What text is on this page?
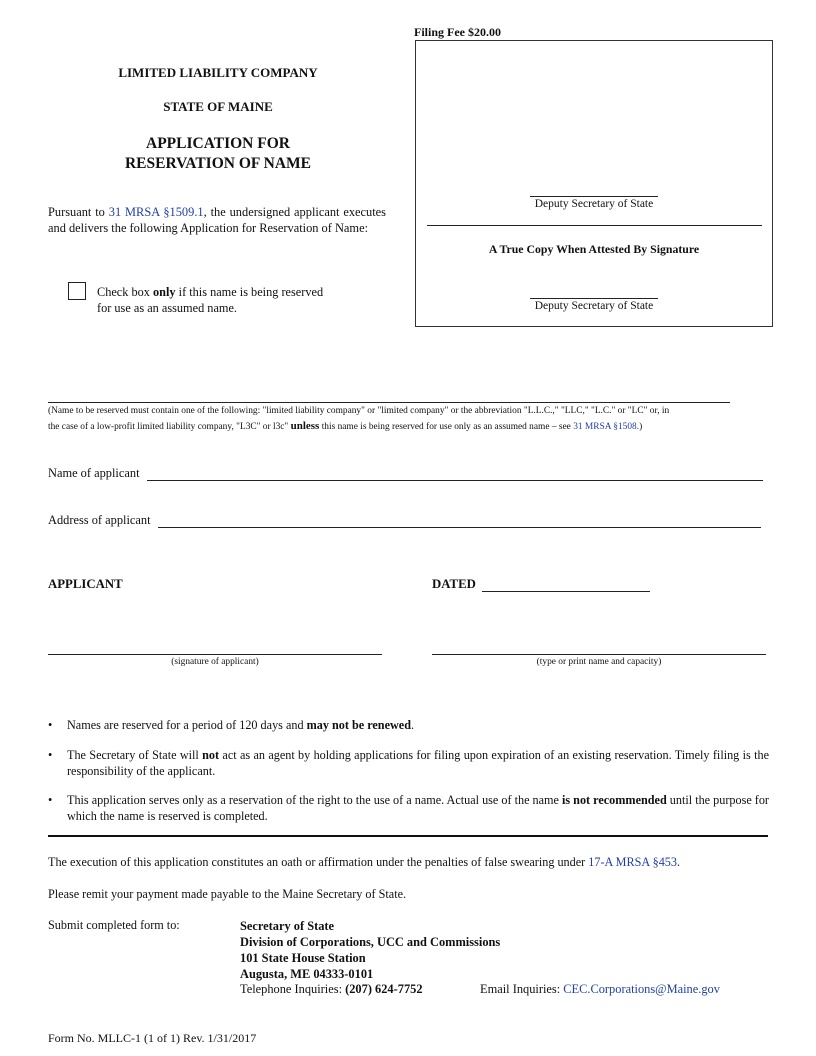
Filing Fee $20.00
Deputy Secretary of State
A True Copy When Attested By Signature
Deputy Secretary of State
LIMITED LIABILITY COMPANY
STATE OF MAINE
APPLICATION FOR
RESERVATION OF NAME
Pursuant to 31 MRSA §1509.1, the undersigned applicant executes and delivers the following Application for Reservation of Name:
Check box only if this name is being reserved
for use as an assumed name.
(Name to be reserved must contain one of the following: "limited liability company" or "limited company" or the abbreviation "L.L.C.," "LLC," "L.C." or "LC" or, in
the case of a low-profit limited liability company, "L3C" or l3c" unless this name is being reserved for use only as an assumed name – see 31 MRSA §1508.)
Name of applicant
Address of applicant
APPLICANT	DATED
(signature of applicant)	(type or print name and capacity)
• Names are reserved for a period of 120 days and may not be renewed.
• The Secretary of State will not act as an agent by holding applications for filing upon expiration of an existing reservation. Timely filing is the responsibility of the applicant.
• This application serves only as a reservation of the right to the use of a name. Actual use of the name is not recommended until the purpose for which the name is reserved is completed.
The execution of this application constitutes an oath or affirmation under the penalties of false swearing under 17-A MRSA §453.
Please remit your payment made payable to the Maine Secretary of State.
Submit completed form to:	Secretary of State
Division of Corporations, UCC and Commissions
101 State House Station
Augusta, ME 04333-0101
Telephone Inquiries: (207) 624-7752	Email Inquiries: CEC.Corporations@Maine.gov
Form No. MLLC-1 (1 of 1) Rev. 1/31/2017
